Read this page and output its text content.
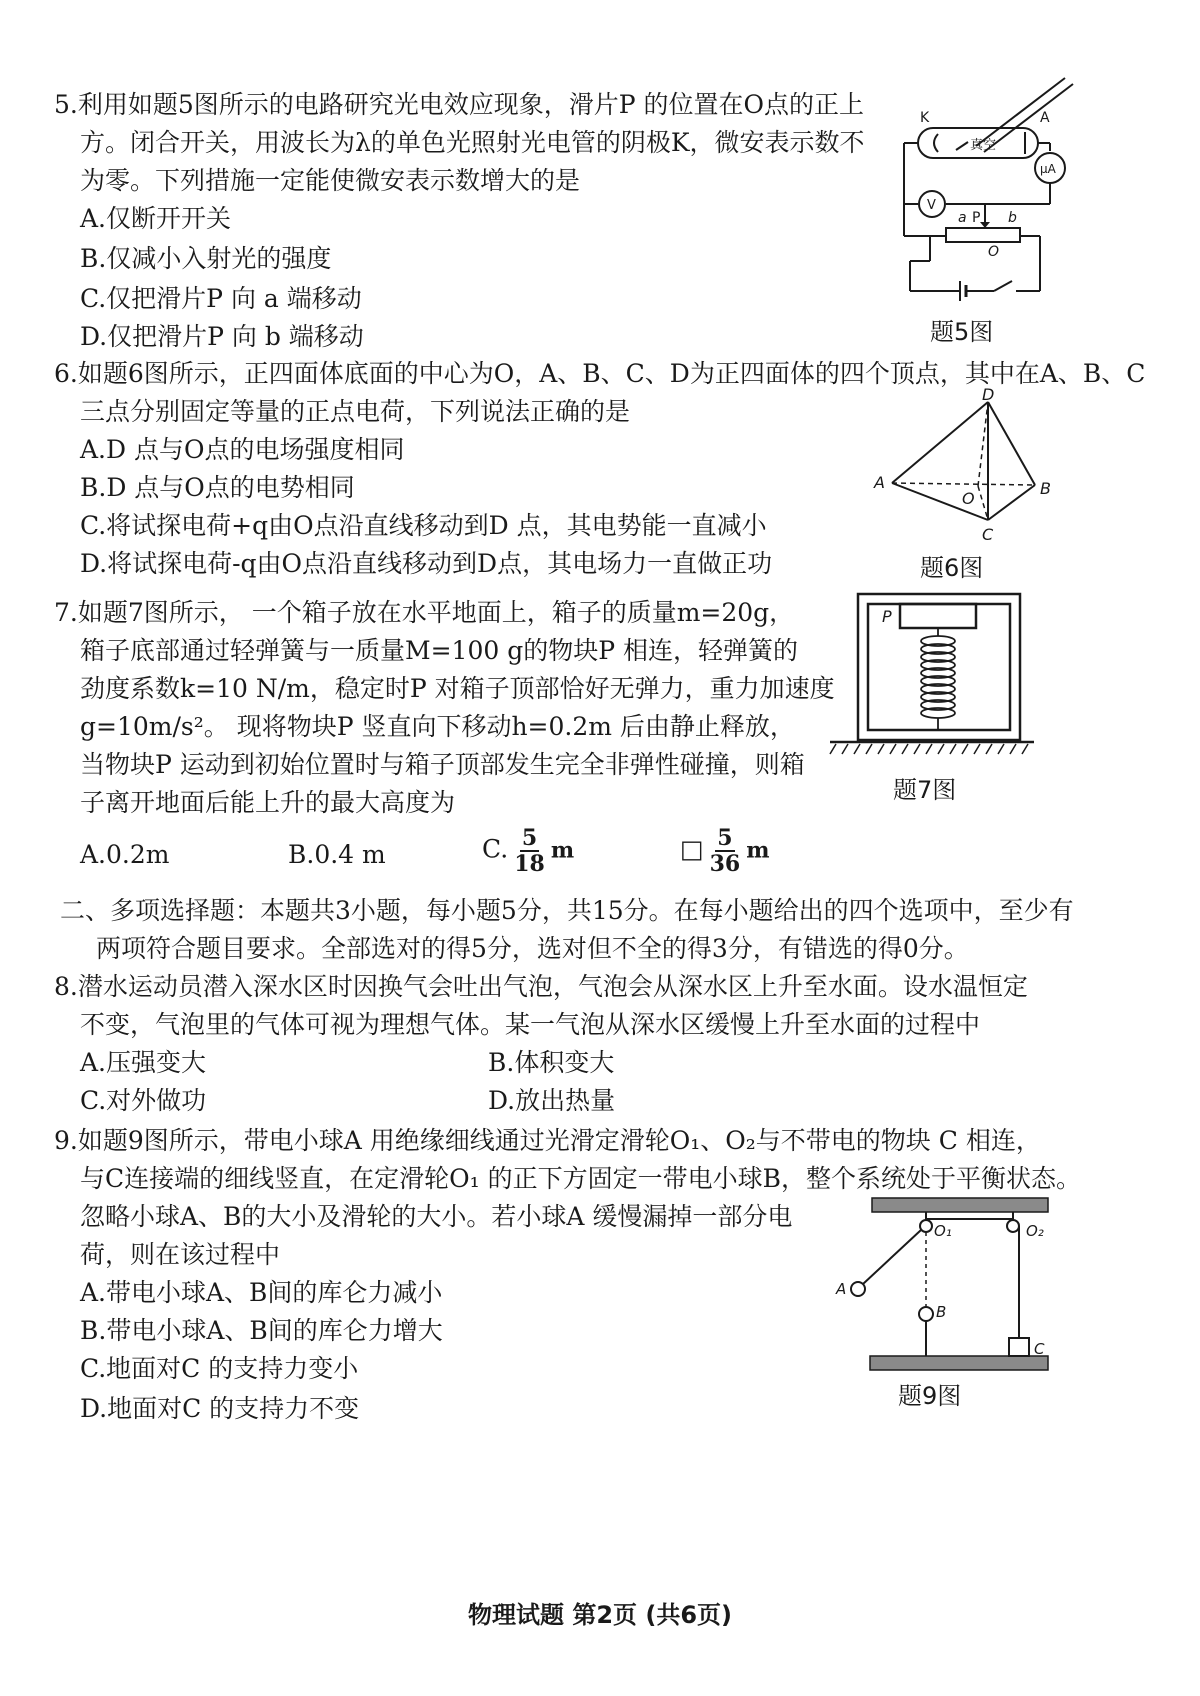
5.利用如题5图所示的电路研究光电效应现象，滑片P 的位置在O点的正上
方。闭合开关，用波长为λ的单色光照射光电管的阴极K，微安表示数不
为零。下列措施一定能使微安表示数增大的是
A.仅断开开关
B.仅减小入射光的强度
C.仅把滑片P 向 a 端移动
D.仅把滑片P 向 b 端移动
K	A
真空
μA
V
a P b
O
题5图
6.如题6图所示，正四面体底面的中心为O，A、B、C、D为正四面体的四个顶点，其中在A、B、C
三点分别固定等量的正点电荷，下列说法正确的是
A.D 点与O点的电场强度相同
B.D 点与O点的电势相同
C.将试探电荷+q由O点沿直线移动到D 点，其电势能一直减小
D.将试探电荷-q由O点沿直线移动到D点，其电场力一直做正功
D
A
O
B
C
题6图
7.如题7图所示， 一个箱子放在水平地面上，箱子的质量m=20g，
箱子底部通过轻弹簧与一质量M=100 g的物块P 相连，轻弹簧的
劲度系数k=10 N/m，稳定时P 对箱子顶部恰好无弹力，重力加速度
g=10m/s²。 现将物块P 竖直向下移动h=0.2m 后由静止释放，
当物块P 运动到初始位置时与箱子顶部发生完全非弹性碰撞，则箱
子离开地面后能上升的最大高度为
A.0.2m	B.0.4 m	C. $\frac{5}{18}$ m	□ $\frac{5}{36}$ m
P
题7图
二、多项选择题：本题共3小题，每小题5分，共15分。在每小题给出的四个选项中，至少有
两项符合题目要求。全部选对的得5分，选对但不全的得3分，有错选的得0分。
8.潜水运动员潜入深水区时因换气会吐出气泡，气泡会从深水区上升至水面。设水温恒定
不变，气泡里的气体可视为理想气体。某一气泡从深水区缓慢上升至水面的过程中
A.压强变大	B.体积变大
C.对外做功	D.放出热量
9.如题9图所示，带电小球A 用绝缘细线通过光滑定滑轮O₁、O₂与不带电的物块 C 相连，
与C连接端的细线竖直，在定滑轮O₁ 的正下方固定一带电小球B，整个系统处于平衡状态。
忽略小球A、B的大小及滑轮的大小。若小球A 缓慢漏掉一部分电
荷，则在该过程中
A.带电小球A、B间的库仑力减小
B.带电小球A、B间的库仑力增大
C.地面对C 的支持力变小
D.地面对C 的支持力不变
O₁	O₂
A
B
C
题9图
物理试题 第2页 (共6页)
